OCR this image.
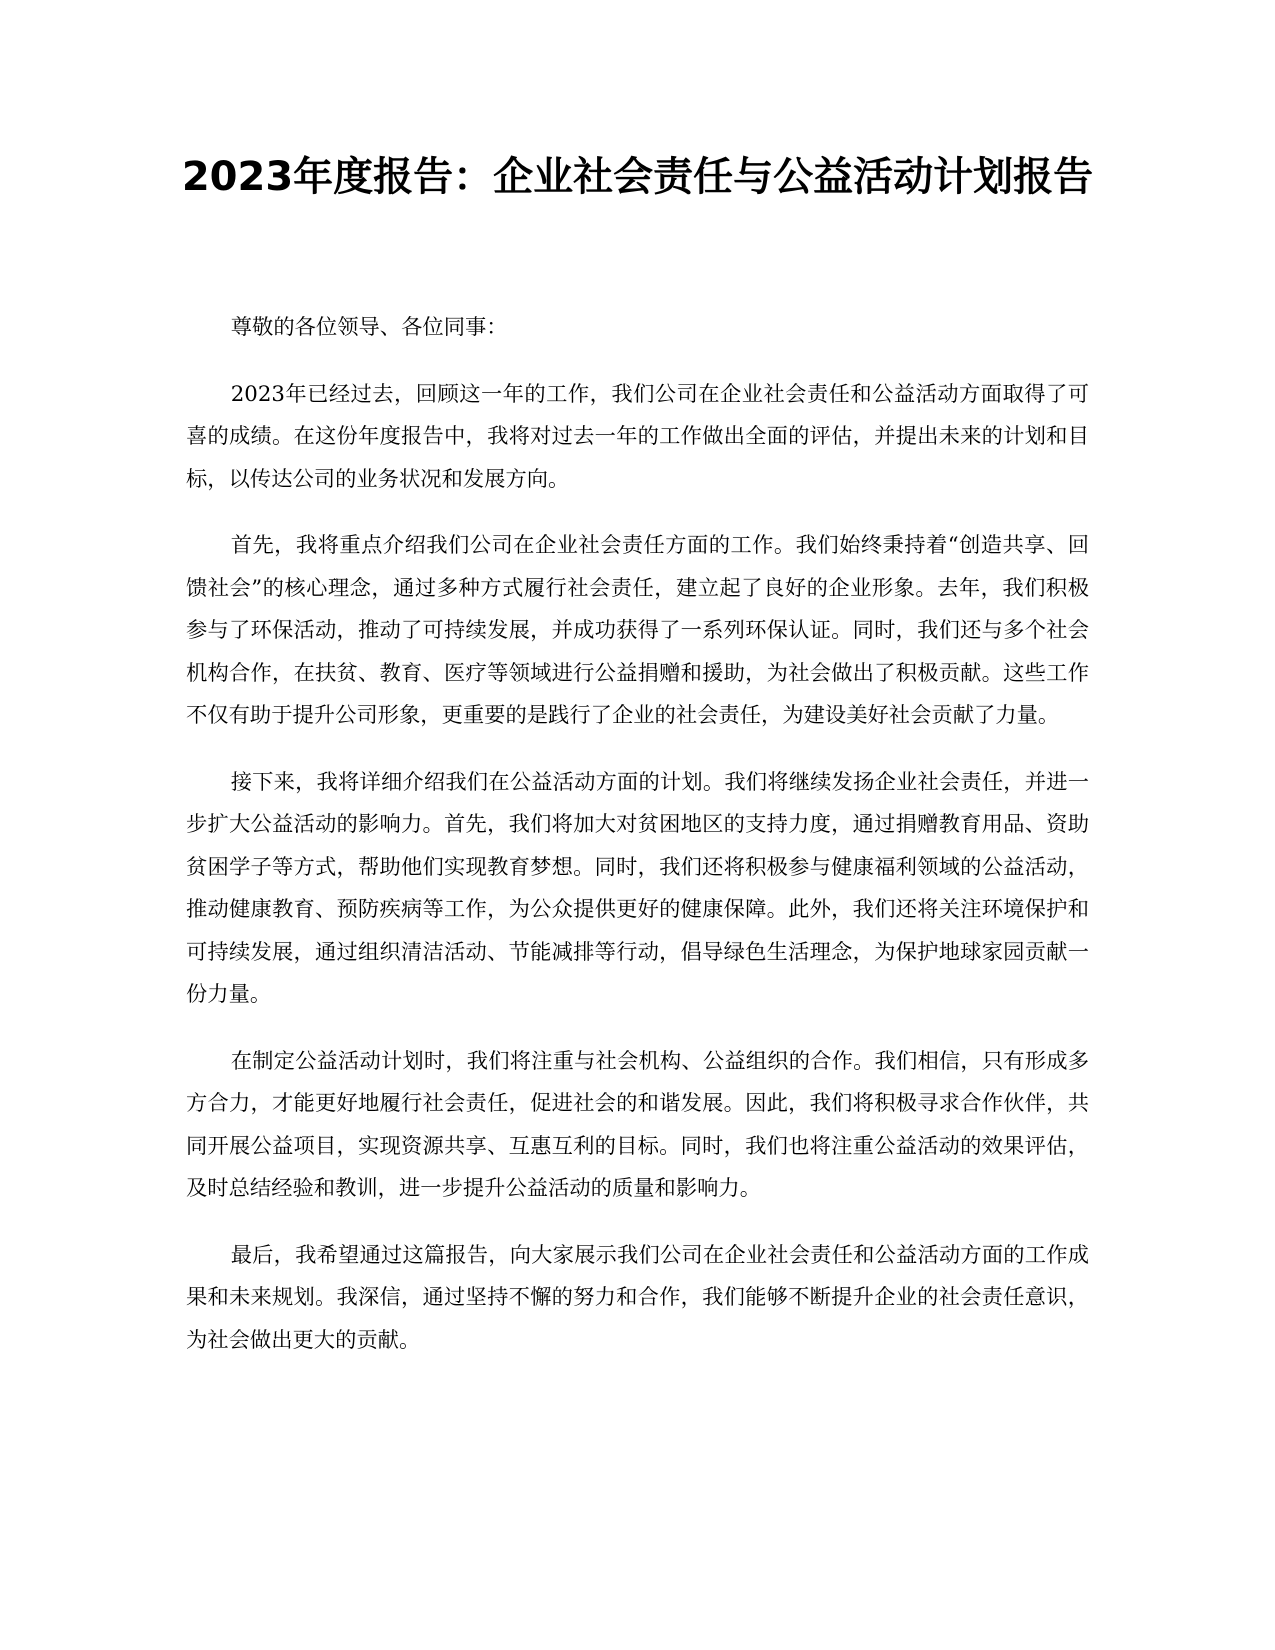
2023年度报告：企业社会责任与公益活动计划报告

尊敬的各位领导、各位同事：

2023年已经过去，回顾这一年的工作，我们公司在企业社会责任和公益活动方面取得了可喜的成绩。在这份年度报告中，我将对过去一年的工作做出全面的评估，并提出未来的计划和目标，以传达公司的业务状况和发展方向。

首先，我将重点介绍我们公司在企业社会责任方面的工作。我们始终秉持着“创造共享、回馈社会”的核心理念，通过多种方式履行社会责任，建立起了良好的企业形象。去年，我们积极参与了环保活动，推动了可持续发展，并成功获得了一系列环保认证。同时，我们还与多个社会机构合作，在扶贫、教育、医疗等领域进行公益捐赠和援助，为社会做出了积极贡献。这些工作不仅有助于提升公司形象，更重要的是践行了企业的社会责任，为建设美好社会贡献了力量。

接下来，我将详细介绍我们在公益活动方面的计划。我们将继续发扬企业社会责任，并进一步扩大公益活动的影响力。首先，我们将加大对贫困地区的支持力度，通过捐赠教育用品、资助贫困学子等方式，帮助他们实现教育梦想。同时，我们还将积极参与健康福利领域的公益活动，推动健康教育、预防疾病等工作，为公众提供更好的健康保障。此外，我们还将关注环境保护和可持续发展，通过组织清洁活动、节能减排等行动，倡导绿色生活理念，为保护地球家园贡献一份力量。

在制定公益活动计划时，我们将注重与社会机构、公益组织的合作。我们相信，只有形成多方合力，才能更好地履行社会责任，促进社会的和谐发展。因此，我们将积极寻求合作伙伴，共同开展公益项目，实现资源共享、互惠互利的目标。同时，我们也将注重公益活动的效果评估，及时总结经验和教训，进一步提升公益活动的质量和影响力。

最后，我希望通过这篇报告，向大家展示我们公司在企业社会责任和公益活动方面的工作成果和未来规划。我深信，通过坚持不懈的努力和合作，我们能够不断提升企业的社会责任意识，为社会做出更大的贡献。
